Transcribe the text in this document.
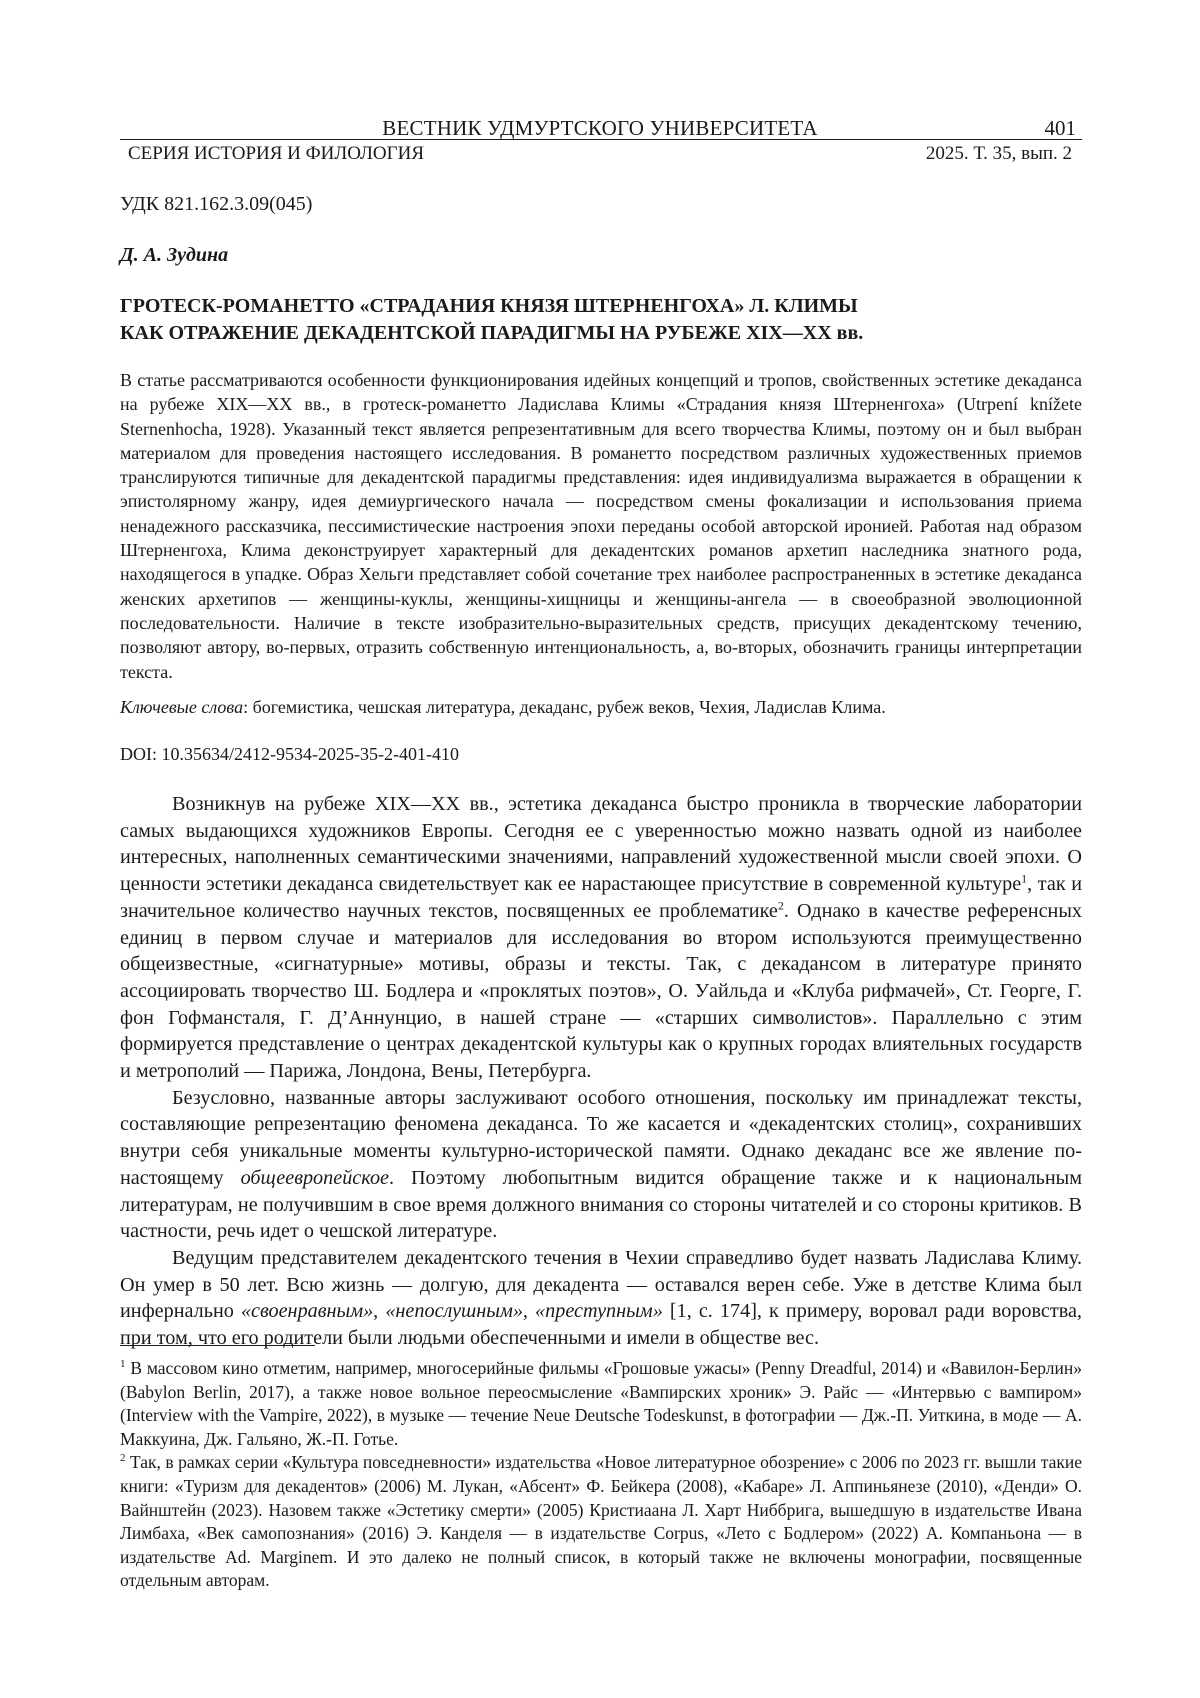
ВЕСТНИК УДМУРТСКОГО УНИВЕРСИТЕТА	401
СЕРИЯ ИСТОРИЯ И ФИЛОЛОГИЯ	2025. Т. 35, вып. 2
УДК 821.162.3.09(045)
Д. А. Зудина
ГРОТЕСК-РОМАНЕТТО «СТРАДАНИЯ КНЯЗЯ ШТЕРНЕНГОХА» Л. КЛИМЫ
КАК ОТРАЖЕНИЕ ДЕКАДЕНТСКОЙ ПАРАДИГМЫ НА РУБЕЖЕ XIX—XX вв.
В статье рассматриваются особенности функционирования идейных концепций и тропов, свойственных эстетике декаданса на рубеже XIX—XX вв., в гротеск-романетто Ладислава Климы «Страдания князя Штерненгоха» (Utrpení knížete Sternenhocha, 1928). Указанный текст является репрезентативным для всего творчества Климы, поэтому он и был выбран материалом для проведения настоящего исследования. В романетто посредством различных художественных приемов транслируются типичные для декадентской парадигмы представления: идея индивидуализма выражается в обращении к эпистолярному жанру, идея демиургического начала — посредством смены фокализации и использования приема ненадежного рассказчика, пессимистические настроения эпохи переданы особой авторской иронией. Работая над образом Штерненгоха, Клима деконструирует характерный для декадентских романов архетип наследника знатного рода, находящегося в упадке. Образ Хельги представляет собой сочетание трех наиболее распространенных в эстетике декаданса женских архетипов — женщины-куклы, женщины-хищницы и женщины-ангела — в своеобразной эволюционной последовательности. Наличие в тексте изобразительно-выразительных средств, присущих декадентскому течению, позволяют автору, во-первых, отразить собственную интенциональность, а, во-вторых, обозначить границы интерпретации текста.
Ключевые слова: богемистика, чешская литература, декаданс, рубеж веков, Чехия, Ладислав Клима.
DOI: 10.35634/2412-9534-2025-35-2-401-410

Возникнув на рубеже XIX—XX вв., эстетика декаданса быстро проникла в творческие лаборатории самых выдающихся художников Европы. Сегодня ее с уверенностью можно назвать одной из наиболее интересных, наполненных семантическими значениями, направлений художественной мысли своей эпохи. О ценности эстетики декаданса свидетельствует как ее нарастающее присутствие в современной культуре1, так и значительное количество научных текстов, посвященных ее проблематике2. Однако в качестве референсных единиц в первом случае и материалов для исследования во втором используются преимущественно общеизвестные, «сигнатурные» мотивы, образы и тексты. Так, с декадансом в литературе принято ассоциировать творчество Ш. Бодлера и «проклятых поэтов», О. Уайльда и «Клуба рифмачей», Ст. Георге, Г. фон Гофмансталя, Г. Д’Аннунцио, в нашей стране — «старших символистов». Параллельно с этим формируется представление о центрах декадентской культуры как о крупных городах влиятельных государств и метрополий — Парижа, Лондона, Вены, Петербурга.

Безусловно, названные авторы заслуживают особого отношения, поскольку им принадлежат тексты, составляющие репрезентацию феномена декаданса. То же касается и «декадентских столиц», сохранивших внутри себя уникальные моменты культурно-исторической памяти. Однако декаданс все же явление по-настоящему общеевропейское. Поэтому любопытным видится обращение также и к национальным литературам, не получившим в свое время должного внимания со стороны читателей и со стороны критиков. В частности, речь идет о чешской литературе.

Ведущим представителем декадентского течения в Чехии справедливо будет назвать Ладислава Климу. Он умер в 50 лет. Всю жизнь — долгую, для декадента — оставался верен себе. Уже в детстве Клима был инфернально «своенравным», «непослушным», «преступным» [1, с. 174], к примеру, воровал ради воровства, при том, что его родители были людьми обеспеченными и имели в обществе вес.

1 В массовом кино отметим, например, многосерийные фильмы «Грошовые ужасы» (Penny Dreadful, 2014) и «Вавилон-Берлин» (Babylon Berlin, 2017), а также новое вольное переосмысление «Вампирских хроник» Э. Райс — «Интервью с вампиром» (Interview with the Vampire, 2022), в музыке — течение Neue Deutsche Todeskunst, в фотографии — Дж.-П. Уиткина, в моде — А. Маккуина, Дж. Гальяно, Ж.-П. Готье.

2 Так, в рамках серии «Культура повседневности» издательства «Новое литературное обозрение» с 2006 по 2023 гг. вышли такие книги: «Туризм для декадентов» (2006) М. Лукан, «Абсент» Ф. Бейкера (2008), «Кабаре» Л. Аппиньянезе (2010), «Денди» О. Вайнштейн (2023). Назовем также «Эстетику смерти» (2005) Кристиаана Л. Харт Ниббрига, вышедшую в издательстве Ивана Лимбаха, «Век самопознания» (2016) Э. Канделя — в издательстве Corpus, «Лето с Бодлером» (2022) А. Компаньона — в издательстве Ad. Marginem. И это далеко не полный список, в который также не включены монографии, посвященные отдельным авторам.
